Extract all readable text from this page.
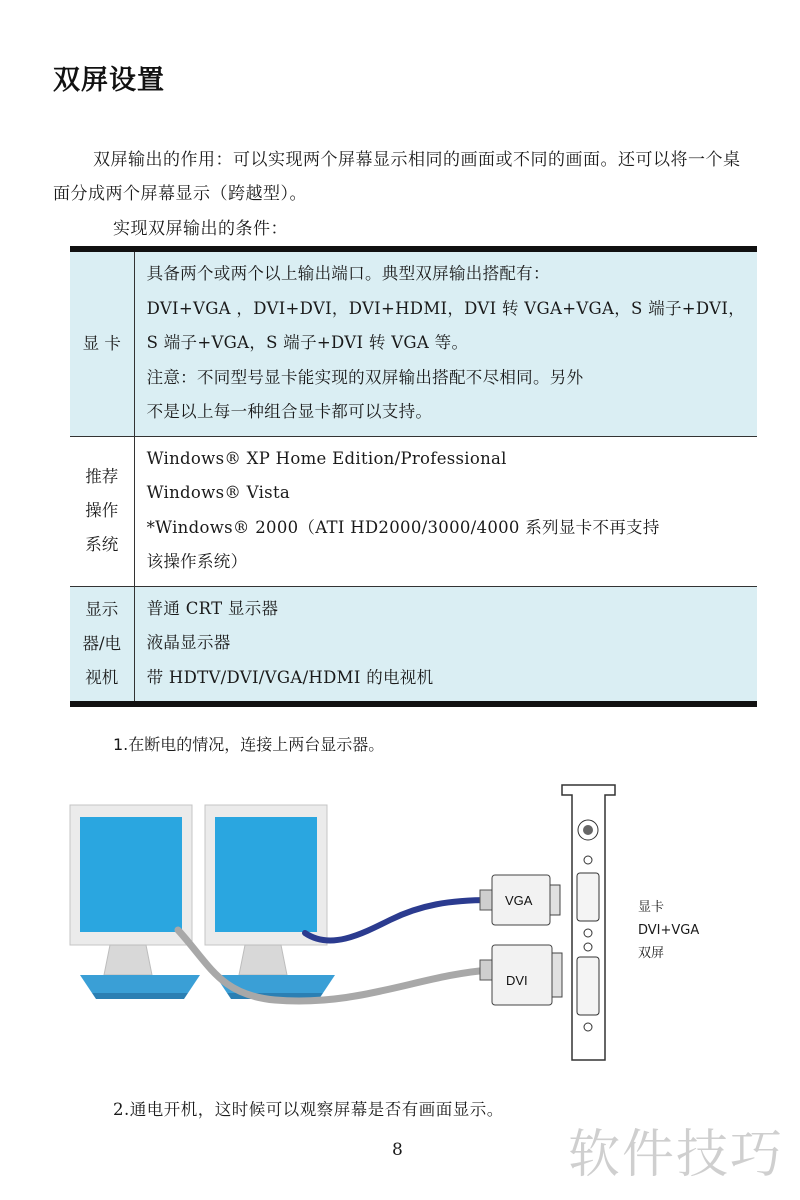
双屏设置

双屏输出的作用：可以实现两个屏幕显示相同的画面或不同的画面。还可以将一个桌面分成两个屏幕显示（跨越型）。

实现双屏输出的条件：

显 卡	具备两个或两个以上输出端口。典型双屏输出搭配有：
DVI+VGA ，DVI+DVI，DVI+HDMI，DVI 转 VGA+VGA，S 端子+DVI，
S 端子+VGA，S 端子+DVI 转 VGA 等。
注意：不同型号显卡能实现的双屏输出搭配不尽相同。另外
不是以上每一种组合显卡都可以支持。

推荐操作系统	Windows® XP Home Edition/Professional
Windows® Vista
*Windows® 2000（ATI HD2000/3000/4000 系列显卡不再支持
该操作系统）

显示器/电视机	普通 CRT 显示器
液晶显示器
带 HDTV/DVI/VGA/HDMI 的电视机

1.在断电的情况，连接上两台显示器。

VGA
DVI
显卡
DVI+VGA
双屏

2.通电开机，这时候可以观察屏幕是否有画面显示。

8	软件技巧
